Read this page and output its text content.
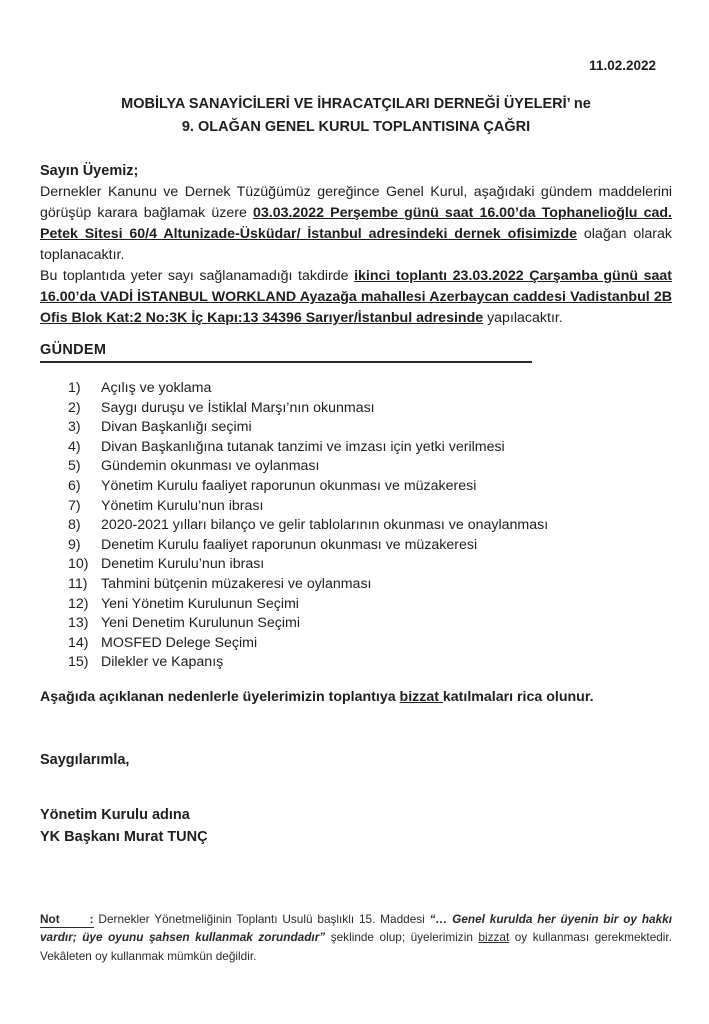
11.02.2022
MOBİLYA SANAYİCİLERİ VE İHRACATÇILARI DERNEĞİ ÜYELERİ’ ne
9. OLAĞAN GENEL KURUL TOPLANTISINA ÇAĞRI
Sayın Üyemiz;

Dernekler Kanunu ve Dernek Tüzüğümüz gereğince Genel Kurul, aşağıdaki gündem maddelerini görüşüp karara bağlamak üzere 03.03.2022 Perşembe günü saat 16.00’da Tophanelioğlu cad. Petek Sitesi 60/4 Altunizade-Üsküdar/ İstanbul adresindeki dernek ofisimizde olağan olarak toplanacaktır.

Bu toplantıda yeter sayı sağlanamadığı takdirde ikinci toplantı 23.03.2022 Çarşamba günü saat 16.00’da VADİ İSTANBUL WORKLAND Ayazağa mahallesi Azerbaycan caddesi Vadistanbul 2B Ofis Blok Kat:2 No:3K İç Kapı:13 34396 Sarıyer/İstanbul adresinde yapılacaktır.

GÜNDEM
1)	Açılış ve yoklama
2)	Saygı duruşu ve İstiklal Marşı’nın okunması
3)	Divan Başkanlığı seçimi
4)	Divan Başkanlığına tutanak tanzimi ve imzası için yetki verilmesi
5)	Gündemin okunması ve oylanması
6)	Yönetim Kurulu faaliyet raporunun okunması ve müzakeresi
7)	Yönetim Kurulu’nun ibrası
8)	2020-2021 yılları bilanço ve gelir tablolarının okunması ve onaylanması
9)	Denetim Kurulu faaliyet raporunun okunması ve müzakeresi
10) Denetim Kurulu’nun ibrası
11) Tahmini bütçenin müzakeresi ve oylanması
12) Yeni Yönetim Kurulunun Seçimi
13) Yeni Denetim Kurulunun Seçimi
14) MOSFED Delege Seçimi
15) Dilekler ve Kapanış

Aşağıda açıklanan nedenlerle üyelerimizin toplantıya bizzat katılmaları rica olunur.

Saygılarımla,
Yönetim Kurulu adına
YK Başkanı Murat TUNÇ
Not	: Dernekler Yönetmeliğinin Toplantı Usulü başlıklı 15. Maddesi “… Genel kurulda her üyenin bir oy hakkı vardır; üye oyunu şahsen kullanmak zorundadır” şeklinde olup; üyelerimizin bizzat oy kullanması gerekmektedir. Vekâleten oy kullanmak mümkün değildir.
